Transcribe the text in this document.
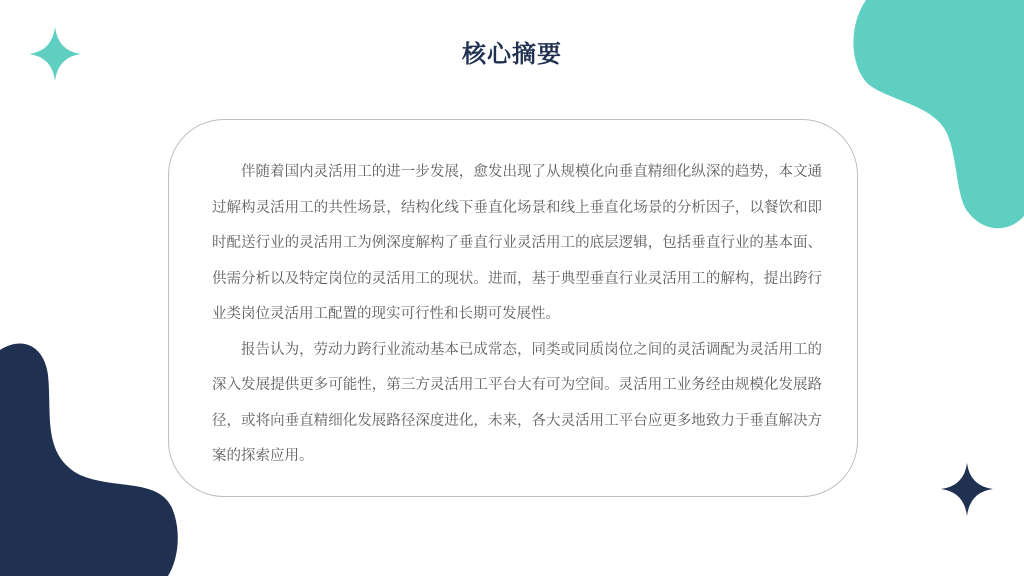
核心摘要

伴随着国内灵活用工的进一步发展，愈发出现了从规模化向垂直精细化纵深的趋势，本文通过解构灵活用工的共性场景，结构化线下垂直化场景和线上垂直化场景的分析因子，以餐饮和即时配送行业的灵活用工为例深度解构了垂直行业灵活用工的底层逻辑，包括垂直行业的基本面、供需分析以及特定岗位的灵活用工的现状。进而，基于典型垂直行业灵活用工的解构，提出跨行业类岗位灵活用工配置的现实可行性和长期可发展性。

报告认为，劳动力跨行业流动基本已成常态，同类或同质岗位之间的灵活调配为灵活用工的深入发展提供更多可能性，第三方灵活用工平台大有可为空间。灵活用工业务经由规模化发展路径，或将向垂直精细化发展路径深度进化，未来，各大灵活用工平台应更多地致力于垂直解决方案的探索应用。
